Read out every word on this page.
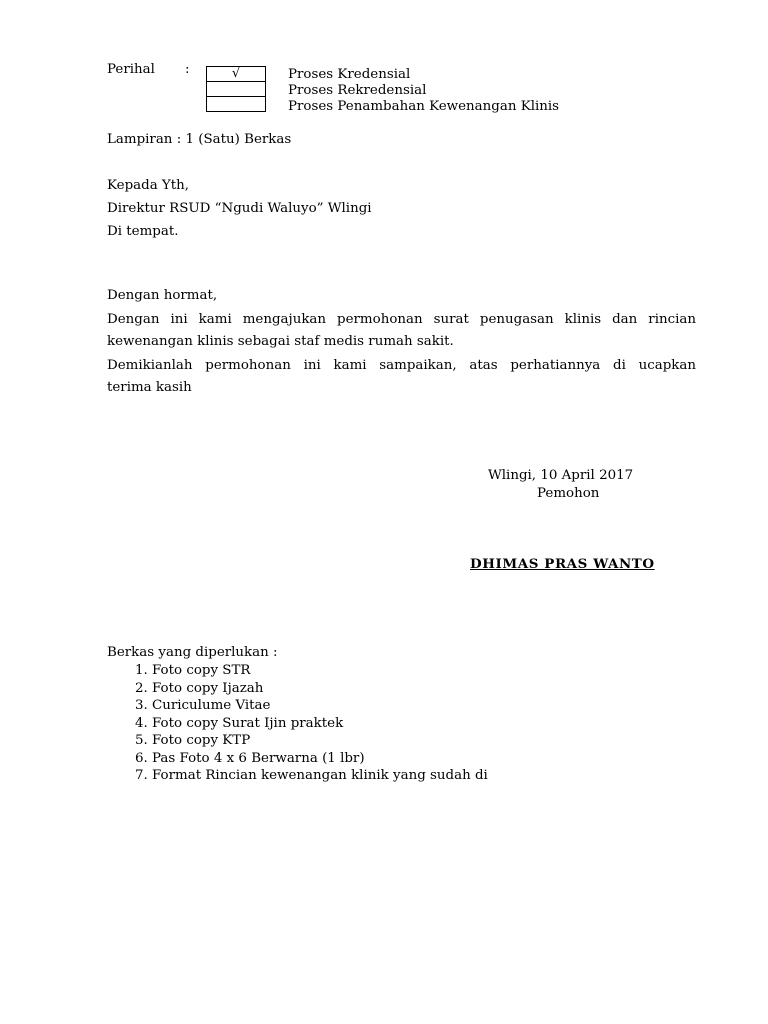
Perihal :	√	Proses Kredensial
Proses Rekredensial
Proses Penambahan Kewenangan Klinis
Lampiran : 1 (Satu) Berkas
Kepada Yth,
Direktur RSUD “Ngudi Waluyo” Wlingi
Di tempat.
Dengan hormat,
Dengan ini kami mengajukan permohonan surat penugasan klinis dan rincian
kewenangan klinis sebagai staf medis rumah sakit.
Demikianlah permohonan ini kami sampaikan, atas perhatiannya di ucapkan
terima kasih
Wlingi, 10 April 2017
Pemohon
DHIMAS PRAS WANTO
Berkas yang diperlukan :
1. Foto copy STR
2. Foto copy Ijazah
3. Curiculume Vitae
4. Foto copy Surat Ijin praktek
5. Foto copy KTP
6. Pas Foto 4 x 6 Berwarna (1 lbr)
7. Format Rincian kewenangan klinik yang sudah di
